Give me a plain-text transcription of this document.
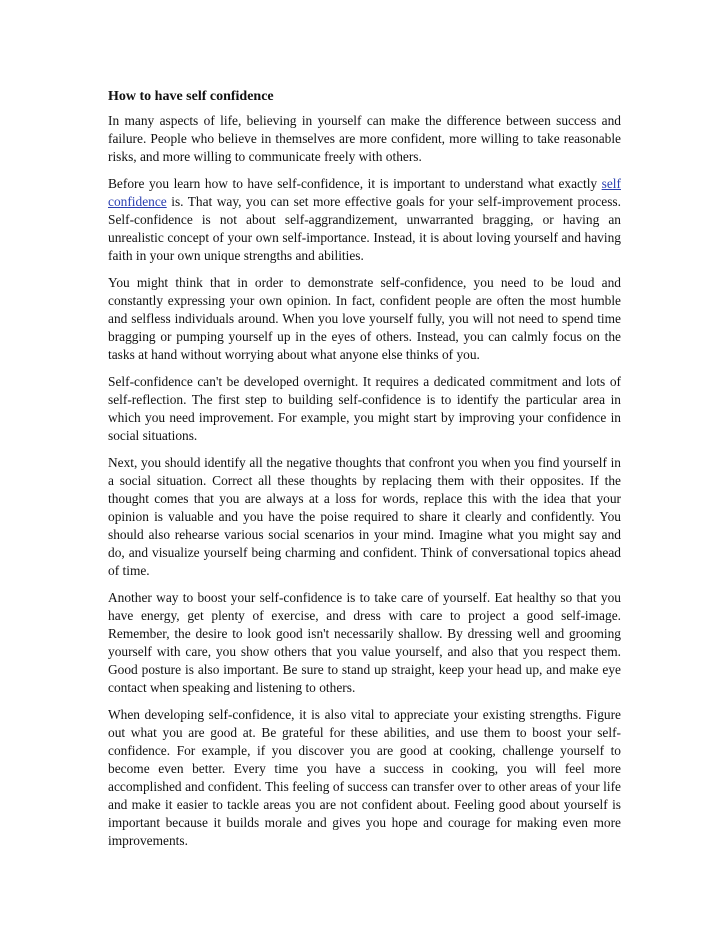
How to have self confidence

In many aspects of life, believing in yourself can make the difference between success and failure. People who believe in themselves are more confident, more willing to take reasonable risks, and more willing to communicate freely with others.

Before you learn how to have self-confidence, it is important to understand what exactly self confidence is. That way, you can set more effective goals for your self-improvement process. Self-confidence is not about self-aggrandizement, unwarranted bragging, or having an unrealistic concept of your own self-importance. Instead, it is about loving yourself and having faith in your own unique strengths and abilities.

You might think that in order to demonstrate self-confidence, you need to be loud and constantly expressing your own opinion. In fact, confident people are often the most humble and selfless individuals around. When you love yourself fully, you will not need to spend time bragging or pumping yourself up in the eyes of others. Instead, you can calmly focus on the tasks at hand without worrying about what anyone else thinks of you.

Self-confidence can't be developed overnight. It requires a dedicated commitment and lots of self-reflection. The first step to building self-confidence is to identify the particular area in which you need improvement. For example, you might start by improving your confidence in social situations.

Next, you should identify all the negative thoughts that confront you when you find yourself in a social situation. Correct all these thoughts by replacing them with their opposites. If the thought comes that you are always at a loss for words, replace this with the idea that your opinion is valuable and you have the poise required to share it clearly and confidently. You should also rehearse various social scenarios in your mind. Imagine what you might say and do, and visualize yourself being charming and confident. Think of conversational topics ahead of time.

Another way to boost your self-confidence is to take care of yourself. Eat healthy so that you have energy, get plenty of exercise, and dress with care to project a good self-image. Remember, the desire to look good isn't necessarily shallow. By dressing well and grooming yourself with care, you show others that you value yourself, and also that you respect them. Good posture is also important. Be sure to stand up straight, keep your head up, and make eye contact when speaking and listening to others.

When developing self-confidence, it is also vital to appreciate your existing strengths. Figure out what you are good at. Be grateful for these abilities, and use them to boost your self-confidence. For example, if you discover you are good at cooking, challenge yourself to become even better. Every time you have a success in cooking, you will feel more accomplished and confident. This feeling of success can transfer over to other areas of your life and make it easier to tackle areas you are not confident about. Feeling good about yourself is important because it builds morale and gives you hope and courage for making even more improvements.
